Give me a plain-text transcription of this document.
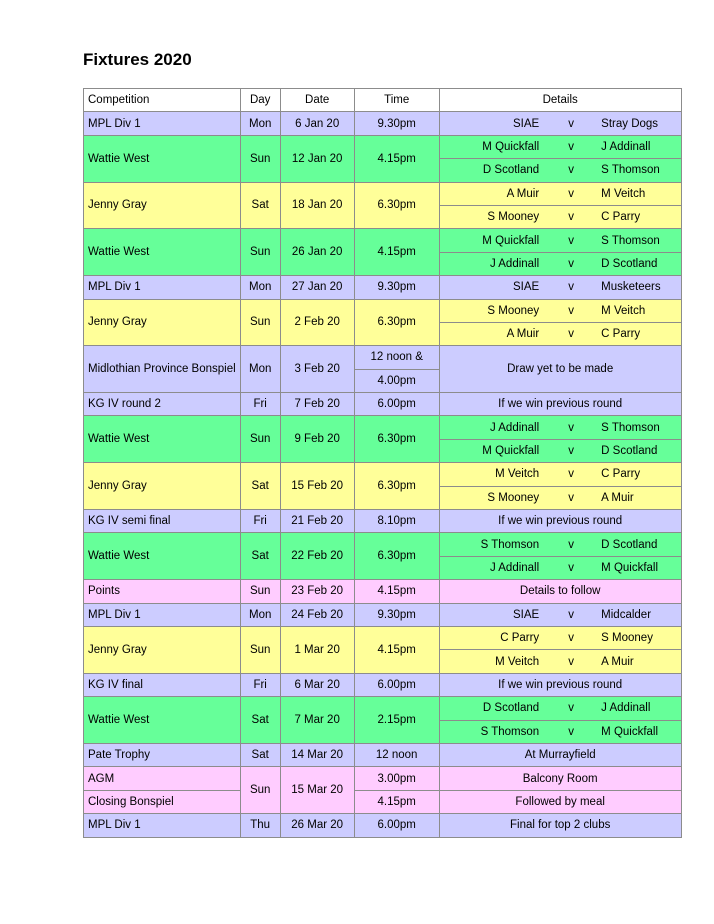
Fixtures 2020
Competition	Day	Date	Time	Details		
MPL Div 1	Mon	6 Jan 20	9.30pm	SIAE	v	Stray Dogs
Wattie West	Sun	12 Jan 20	4.15pm	M Quickfall	v	J Addinall
				D Scotland	v	S Thomson
Jenny Gray	Sat	18 Jan 20	6.30pm	A Muir	v	M Veitch
				S Mooney	v	C Parry
Wattie West	Sun	26 Jan 20	4.15pm	M Quickfall	v	S Thomson
				J Addinall	v	D Scotland
MPL Div 1	Mon	27 Jan 20	9.30pm	SIAE	v	Musketeers
Jenny Gray	Sun	2 Feb 20	6.30pm	S Mooney	v	M Veitch
				A Muir	v	C Parry
Midlothian Province Bonspiel	Mon	3 Feb 20	12 noon &	Draw yet to be made		
			4.00pm			
KG IV round 2	Fri	7 Feb 20	6.00pm	If we win previous round		
Wattie West	Sun	9 Feb 20	6.30pm	J Addinall	v	S Thomson
				M Quickfall	v	D Scotland
Jenny Gray	Sat	15 Feb 20	6.30pm	M Veitch	v	C Parry
				S Mooney	v	A Muir
KG IV semi final	Fri	21 Feb 20	8.10pm	If we win previous round		
Wattie West	Sat	22 Feb 20	6.30pm	S Thomson	v	D Scotland
				J Addinall	v	M Quickfall
Points	Sun	23 Feb 20	4.15pm	Details to follow		
MPL Div 1	Mon	24 Feb 20	9.30pm	SIAE	v	Midcalder
Jenny Gray	Sun	1 Mar 20	4.15pm	C Parry	v	S Mooney
				M Veitch	v	A Muir
KG IV final	Fri	6 Mar 20	6.00pm	If we win previous round		
Wattie West	Sat	7 Mar 20	2.15pm	D Scotland	v	J Addinall
				S Thomson	v	M Quickfall
Pate Trophy	Sat	14 Mar 20	12 noon	At Murrayfield		
AGM	Sun	15 Mar 20	3.00pm	Balcony Room		
Closing Bonspiel			4.15pm	Followed by meal		
MPL Div 1	Thu	26 Mar 20	6.00pm	Final for top 2 clubs		
